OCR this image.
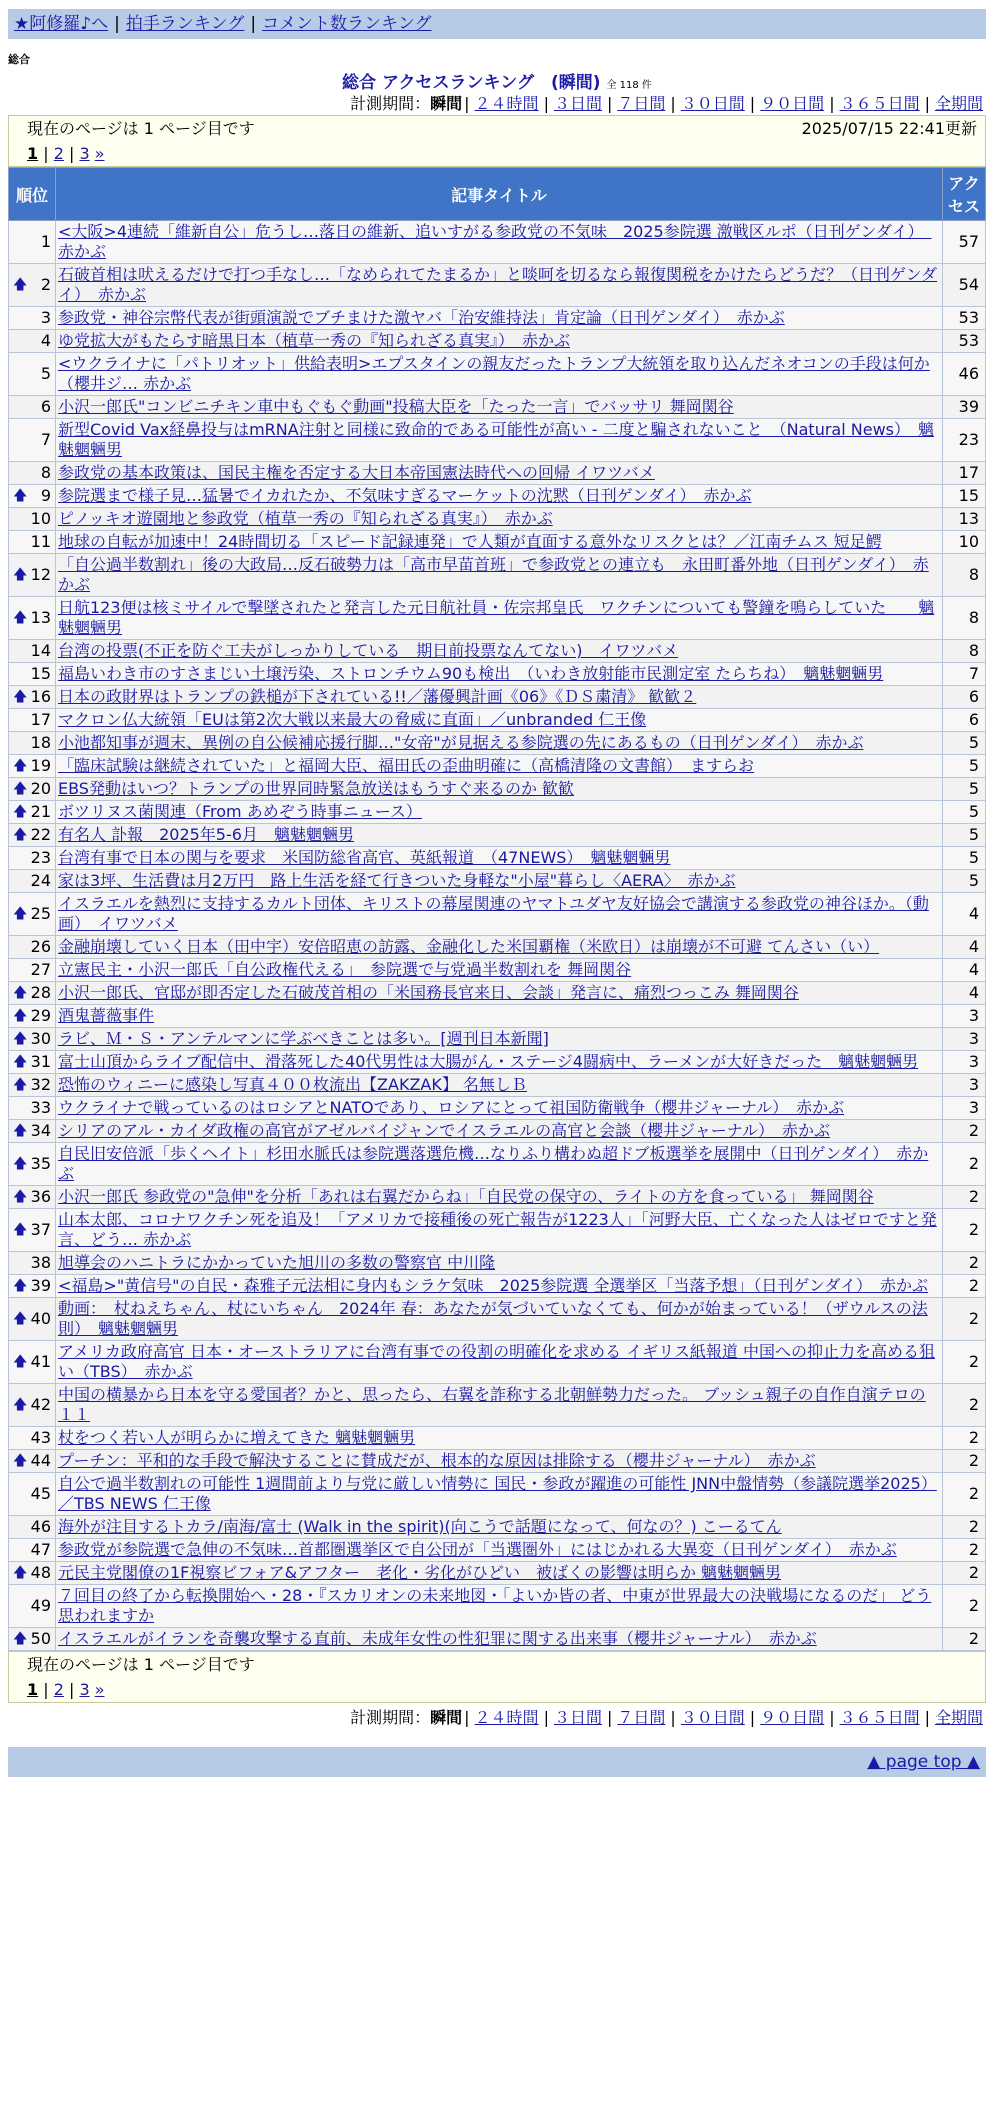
★阿修羅♪へ | 拍手ランキング | コメント数ランキング
総合
総合 アクセスランキング　(瞬間) 全 118 件
計測期間：瞬間 | ２４時間 | ３日間 | ７日間 | ３０日間 | ９０日間 | ３６５日間 | 全期間
現在のページは 1 ページ目です	2025/07/15 22:41更新
1 | 2 | 3 »
順位	記事タイトル	アクセス
1	<大阪>4連続「維新自公」危うし…落日の維新、追いすがる参政党の不気味　2025参院選 激戦区ルポ（日刊ゲンダイ）　赤かぶ	57

🡅 2	石破首相は吠えるだけで打つ手なし…「なめられてたまるか」と啖呵を切るなら報復関税をかけたらどうだ？（日刊ゲンダイ）　赤かぶ	54
3	参政党・神谷宗幣代表が街頭演説でブチまけた激ヤバ「治安維持法」肯定論（日刊ゲンダイ）　赤かぶ	53
4	ゆ党拡大がもたらす暗黒日本（植草一秀の『知られざる真実』）　赤かぶ	53
5	<ウクライナに「パトリオット」供給表明>エプスタインの親友だったトランプ大統領を取り込んだネオコンの手段は何か（櫻井ジ… 赤かぶ	46
6	小沢一郎氏"コンビニチキン車中もぐもぐ動画"投稿大臣を「たった一言」でバッサリ 舞岡関谷	39
7	新型Covid Vax経鼻投与はmRNA注射と同様に致命的である可能性が高い - 二度と騙されないこと　（Natural News）　魑魅魍魎男	23
8	参政党の基本政策は、国民主権を否定する大日本帝国憲法時代への回帰 イワツバメ	17

🡅 9	参院選まで様子見…猛暑でイカれたか、不気味すぎるマーケットの沈黙（日刊ゲンダイ）　赤かぶ	15
10	ピノッキオ遊園地と参政党（植草一秀の『知られざる真実』）　赤かぶ	13
11	地球の自転が加速中！24時間切る「スピード記録連発」で人類が直面する意外なリスクとは？／江南チムス 短足鰐	10

🡅 12	「自公過半数割れ」後の大政局…反石破勢力は「高市早苗首班」で参政党との連立も　永田町番外地（日刊ゲンダイ）　赤かぶ	8

🡅 13	日航123便は核ミサイルで撃墜されたと発言した元日航社員・佐宗邦皇氏　ワクチンについても警鐘を鳴らしていた　　魑魅魍魎男	8
14	台湾の投票(不正を防ぐ工夫がしっかりしている　期日前投票なんてない)　イワツバメ	8
15	福島いわき市のすさまじい土壌汚染、ストロンチウム90も検出　（いわき放射能市民測定室 たらちね）　魑魅魍魎男	7

🡅 16	日本の政財界はトランプの鉄槌が下されている!!／藩優興計画《06》《ＤＳ粛清》 歓歓２	6
17	マクロン仏大統領「EUは第2次大戦以来最大の脅威に直面」／unbranded 仁王像	6
18	小池都知事が週末、異例の自公候補応援行脚…"女帝"が見据える参院選の先にあるもの（日刊ゲンダイ）　赤かぶ	5

🡅 19	「臨床試験は継続されていた」と福岡大臣、福田氏の歪曲明確に（高橋清隆の文書館）　ますらお	5

🡅 20	EBS発動はいつ？トランプの世界同時緊急放送はもうすぐ来るのか 歓歓	5

🡅 21	ボツリヌス菌関連（From あめぞう時事ニュース）	5

🡅 22	有名人 訃報　2025年5-6月　魑魅魍魎男	5
23	台湾有事で日本の関与を要求　米国防総省高官、英紙報道　（47NEWS）　魑魅魍魎男	5
24	家は3坪、生活費は月2万円　路上生活を経て行きついた身軽な"小屋"暮らし〈AERA〉　赤かぶ	5

🡅 25	イスラエルを熱烈に支持するカルト団体、キリストの幕屋関連のヤマトユダヤ友好協会で講演する参政党の神谷ほか。（動画）　イワツバメ	4
26	金融崩壊していく日本（田中宇）安倍昭恵の訪露、金融化した米国覇権（米欧日）は崩壊が不可避 てんさい（い）	4
27	立憲民主・小沢一郎氏「自公政権代える」　参院選で与党過半数割れを 舞岡関谷	4

🡅 28	小沢一郎氏、官邸が即否定した石破茂首相の「米国務長官来日、会談」発言に、痛烈つっこみ 舞岡関谷	4

🡅 29	酒鬼薔薇事件	3

🡅 30	ラビ、Ｍ・Ｓ・アンテルマンに学ぶべきことは多い。[週刊日本新聞]	3

🡅 31	富士山頂からライブ配信中、滑落死した40代男性は大腸がん・ステージ4闘病中、ラーメンが大好きだった　魑魅魍魎男	3

🡅 32	恐怖のウィニーに感染し写真４００枚流出【ZAKZAK】 名無しＢ	3
33	ウクライナで戦っているのはロシアとNATOであり、ロシアにとって祖国防衛戦争（櫻井ジャーナル）　赤かぶ	3

🡅 34	シリアのアル・カイダ政権の高官がアゼルバイジャンでイスラエルの高官と会談（櫻井ジャーナル）　赤かぶ	2

🡅 35	自民旧安倍派「歩くヘイト」杉田水脈氏は参院選落選危機…なりふり構わぬ超ドブ板選挙を展開中（日刊ゲンダイ）　赤かぶ	2

🡅 36	小沢一郎氏 参政党の"急伸"を分析「あれは右翼だからね」「自民党の保守の、ライトの方を食っている」 舞岡関谷	2

🡅 37	山本太郎、コロナワクチン死を追及！「アメリカで接種後の死亡報告が1223人」「河野大臣、亡くなった人はゼロですと発言、どう… 赤かぶ	2
38	旭導会のハニトラにかかっていた旭川の多数の警察官 中川隆	2

🡅 39	<福島>"黄信号"の自民・森雅子元法相に身内もシラケ気味　2025参院選 全選挙区「当落予想」（日刊ゲンダイ）　赤かぶ	2

🡅 40	動画：　杖ねえちゃん、杖にいちゃん　2024年 春：あなたが気づいていなくても、何かが始まっている！（ザウルスの法則）　魑魅魍魎男	2

🡅 41	アメリカ政府高官 日本・オーストラリアに台湾有事での役割の明確化を求める イギリス紙報道 中国への抑止力を高める狙い（TBS）　赤かぶ	2

🡅 42	中国の横暴から日本を守る愛国者？かと、思ったら、右翼を詐称する北朝鮮勢力だった。 ブッシュ親子の自作自演テロの１１	2
43	杖をつく若い人が明らかに増えてきた 魑魅魍魎男	2

🡅 44	プーチン：平和的な手段で解決することに賛成だが、根本的な原因は排除する（櫻井ジャーナル）　赤かぶ	2
45	自公で過半数割れの可能性 1週間前より与党に厳しい情勢に 国民・参政が躍進の可能性 JNN中盤情勢（参議院選挙2025）／TBS NEWS 仁王像	2
46	海外が注目するトカラ/南海/富士 (Walk in the spirit)(向こうで話題になって、何なの？) こーるてん	2
47	参政党が参院選で急伸の不気味…首都圏選挙区で自公団が「当選圏外」にはじかれる大異変（日刊ゲンダイ）　赤かぶ	2

🡅 48	元民主党閣僚の1F視察ビフォア&アフター　老化・劣化がひどい　被ばくの影響は明らか 魑魅魍魎男	2
49	７回目の終了から転換開始へ・28・『スカリオンの未来地図・「よいか皆の者、中東が世界最大の決戦場になるのだ」 どう思われますか	2

🡅 50	イスラエルがイランを奇襲攻撃する直前、未成年女性の性犯罪に関する出来事（櫻井ジャーナル）　赤かぶ	2
現在のページは 1 ページ目です
1 | 2 | 3 »
計測期間：瞬間 | ２４時間 | ３日間 | ７日間 | ３０日間 | ９０日間 | ３６５日間 | 全期間
▲ page top ▲
